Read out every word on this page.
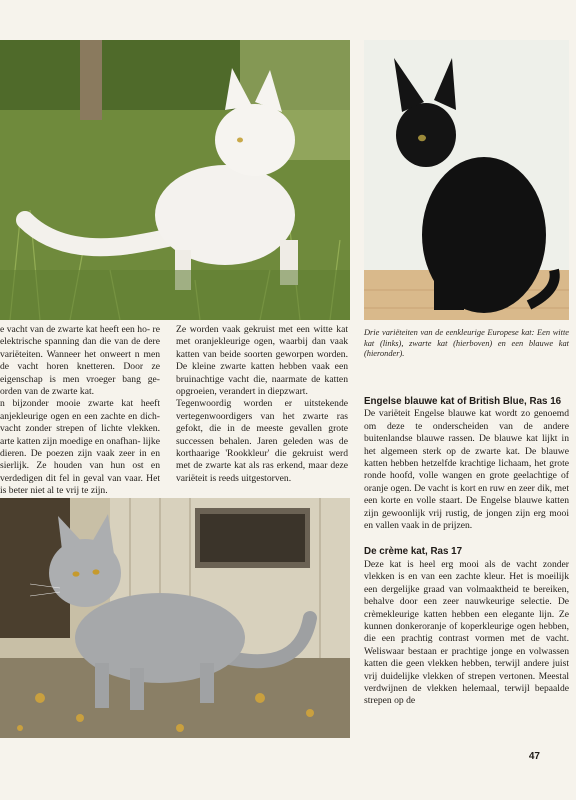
e vacht van de zwarte kat heeft een ho- re elektrische spanning dan die van de dere variëteiten. Wanneer het onweert n men de vacht horen knetteren. Door ze eigenschap is men vroeger bang ge- orden van de zwarte kat.

n bijzonder mooie zwarte kat heeft anjekleurige ogen en een zachte en dich- vacht zonder strepen of lichte vlekken. arte katten zijn moedige en onafhan- lijke dieren. De poezen zijn vaak zeer in en sierlijk. Ze houden van hun ost en verdedigen dit fel in geval van vaar. Het is beter niet al te vrij te zijn.

Ze worden vaak gekruist met een witte kat met oranjekleurige ogen, waarbij dan vaak katten van beide soorten geworpen worden. De kleine zwarte katten hebben vaak een bruinachtige vacht die, naarmate de katten opgroeien, verandert in diepzwart.

Tegenwoordig worden er uitstekende vertegenwoordigers van het zwarte ras gefokt, die in de meeste gevallen grote successen behalen. Jaren geleden was de korthaarige 'Rookkleur' die gekruist werd met de zwarte kat als ras erkend, maar deze variëteit is reeds uitgestorven.

Drie variëteiten van de eenkleurige Europese kat: Een witte kat (links), zwarte kat (hierboven) en een blauwe kat (hieronder).

Engelse blauwe kat of British Blue, Ras 16

De variëteit Engelse blauwe kat wordt zo genoemd om deze te onderscheiden van de andere buitenlandse blauwe rassen. De blauwe kat lijkt in het algemeen sterk op de zwarte kat. De blauwe katten hebben hetzelfde krachtige lichaam, het grote ronde hoofd, volle wangen en grote geelachtige of oranje ogen. De vacht is kort en ruw en zeer dik, met een korte en volle staart. De Engelse blauwe katten zijn gewoonlijk vrij rustig, de jongen zijn erg mooi en vallen vaak in de prijzen.

De crème kat, Ras 17

Deze kat is heel erg mooi als de vacht zonder vlekken is en van een zachte kleur. Het is moeilijk een dergelijke graad van volmaaktheid te bereiken, behalve door een zeer nauwkeurige selectie. De crèmekleurige katten hebben een elegante lijn. Ze kunnen donkeroranje of koperkleurige ogen hebben, die een prachtig contrast vormen met de vacht. Weliswaar bestaan er prachtige jonge en volwassen katten die geen vlekken hebben, terwijl andere juist vrij duidelijke vlekken of strepen vertonen. Meestal verdwijnen de vlekken helemaal, terwijl bepaalde strepen op de

47
